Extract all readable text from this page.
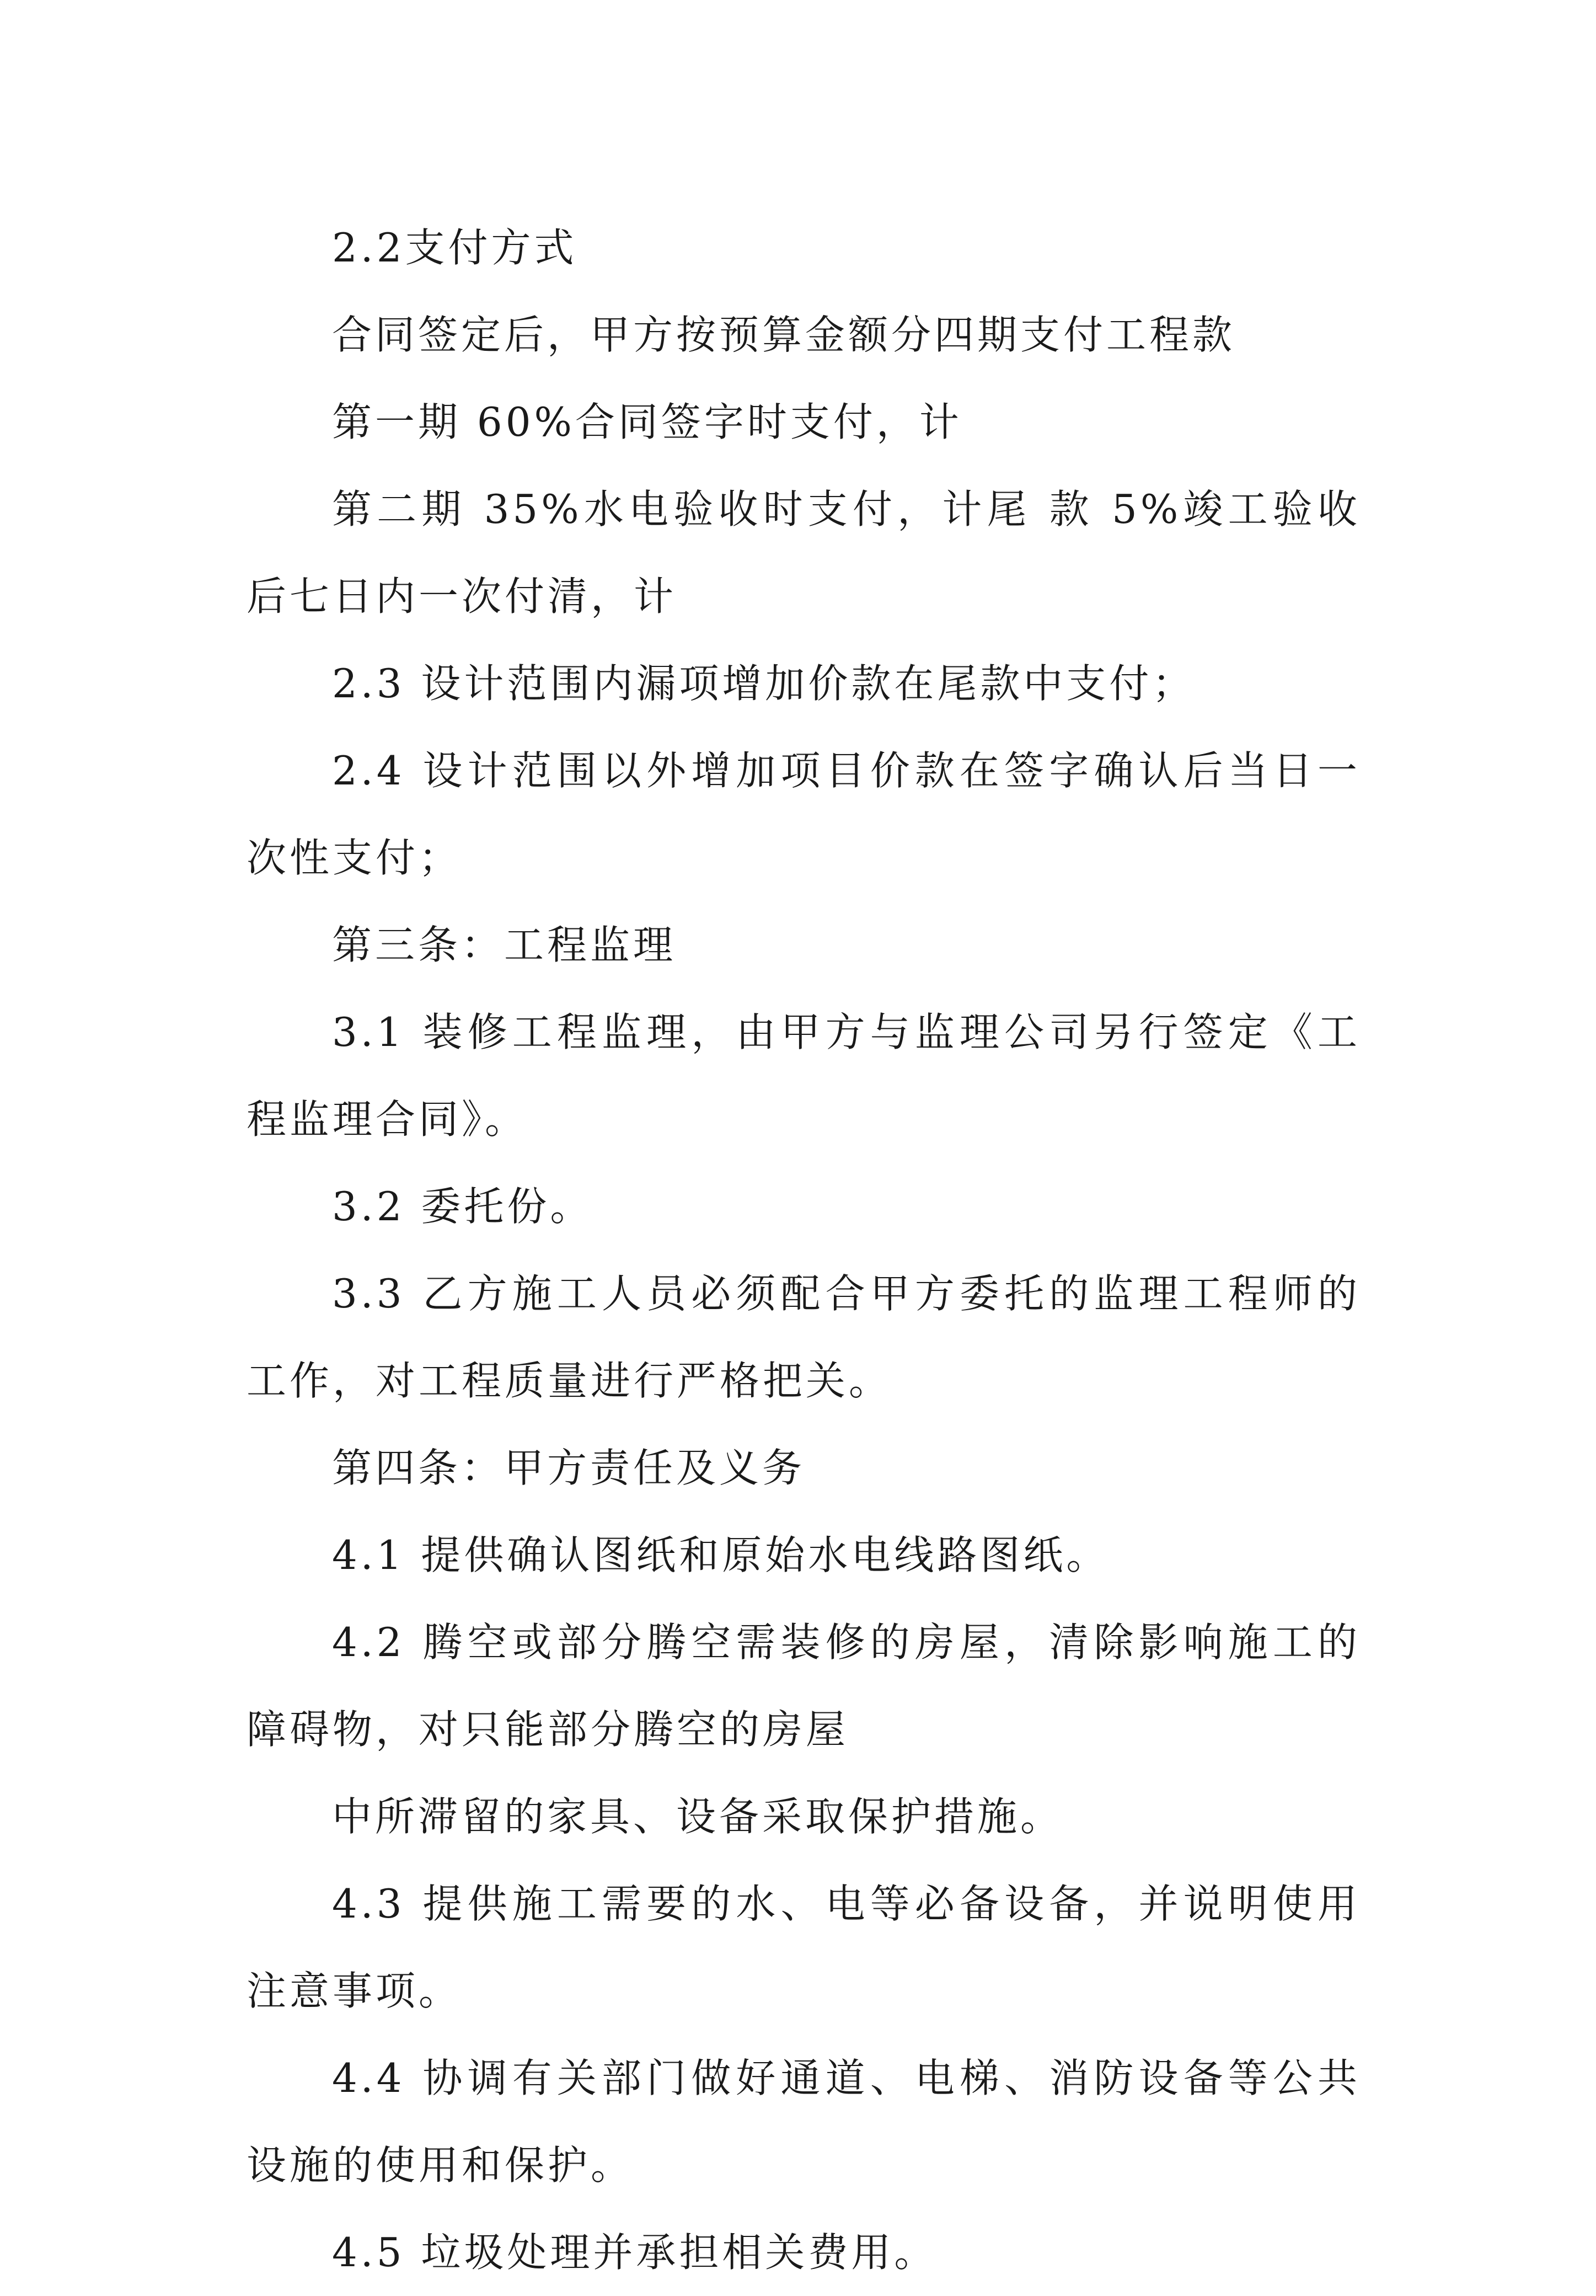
2.2支付方式

合同签定后，甲方按预算金额分四期支付工程款

第一期 60%合同签字时支付，计

第二期 35%水电验收时支付，计尾 款 5%竣工验收后七日内一次付清，计

2.3 设计范围内漏项增加价款在尾款中支付；

2.4 设计范围以外增加项目价款在签字确认后当日一次性支付；

第三条：工程监理

3.1 装修工程监理，由甲方与监理公司另行签定《工程监理合同》。

3.2 委托份。

3.3 乙方施工人员必须配合甲方委托的监理工程师的工作，对工程质量进行严格把关。

第四条：甲方责任及义务

4.1 提供确认图纸和原始水电线路图纸。

4.2 腾空或部分腾空需装修的房屋，清除影响施工的障碍物，对只能部分腾空的房屋

中所滞留的家具、设备采取保护措施。

4.3 提供施工需要的水、电等必备设备，并说明使用注意事项。

4.4 协调有关部门做好通道、电梯、消防设备等公共设施的使用和保护。

4.5 垃圾处理并承担相关费用。
